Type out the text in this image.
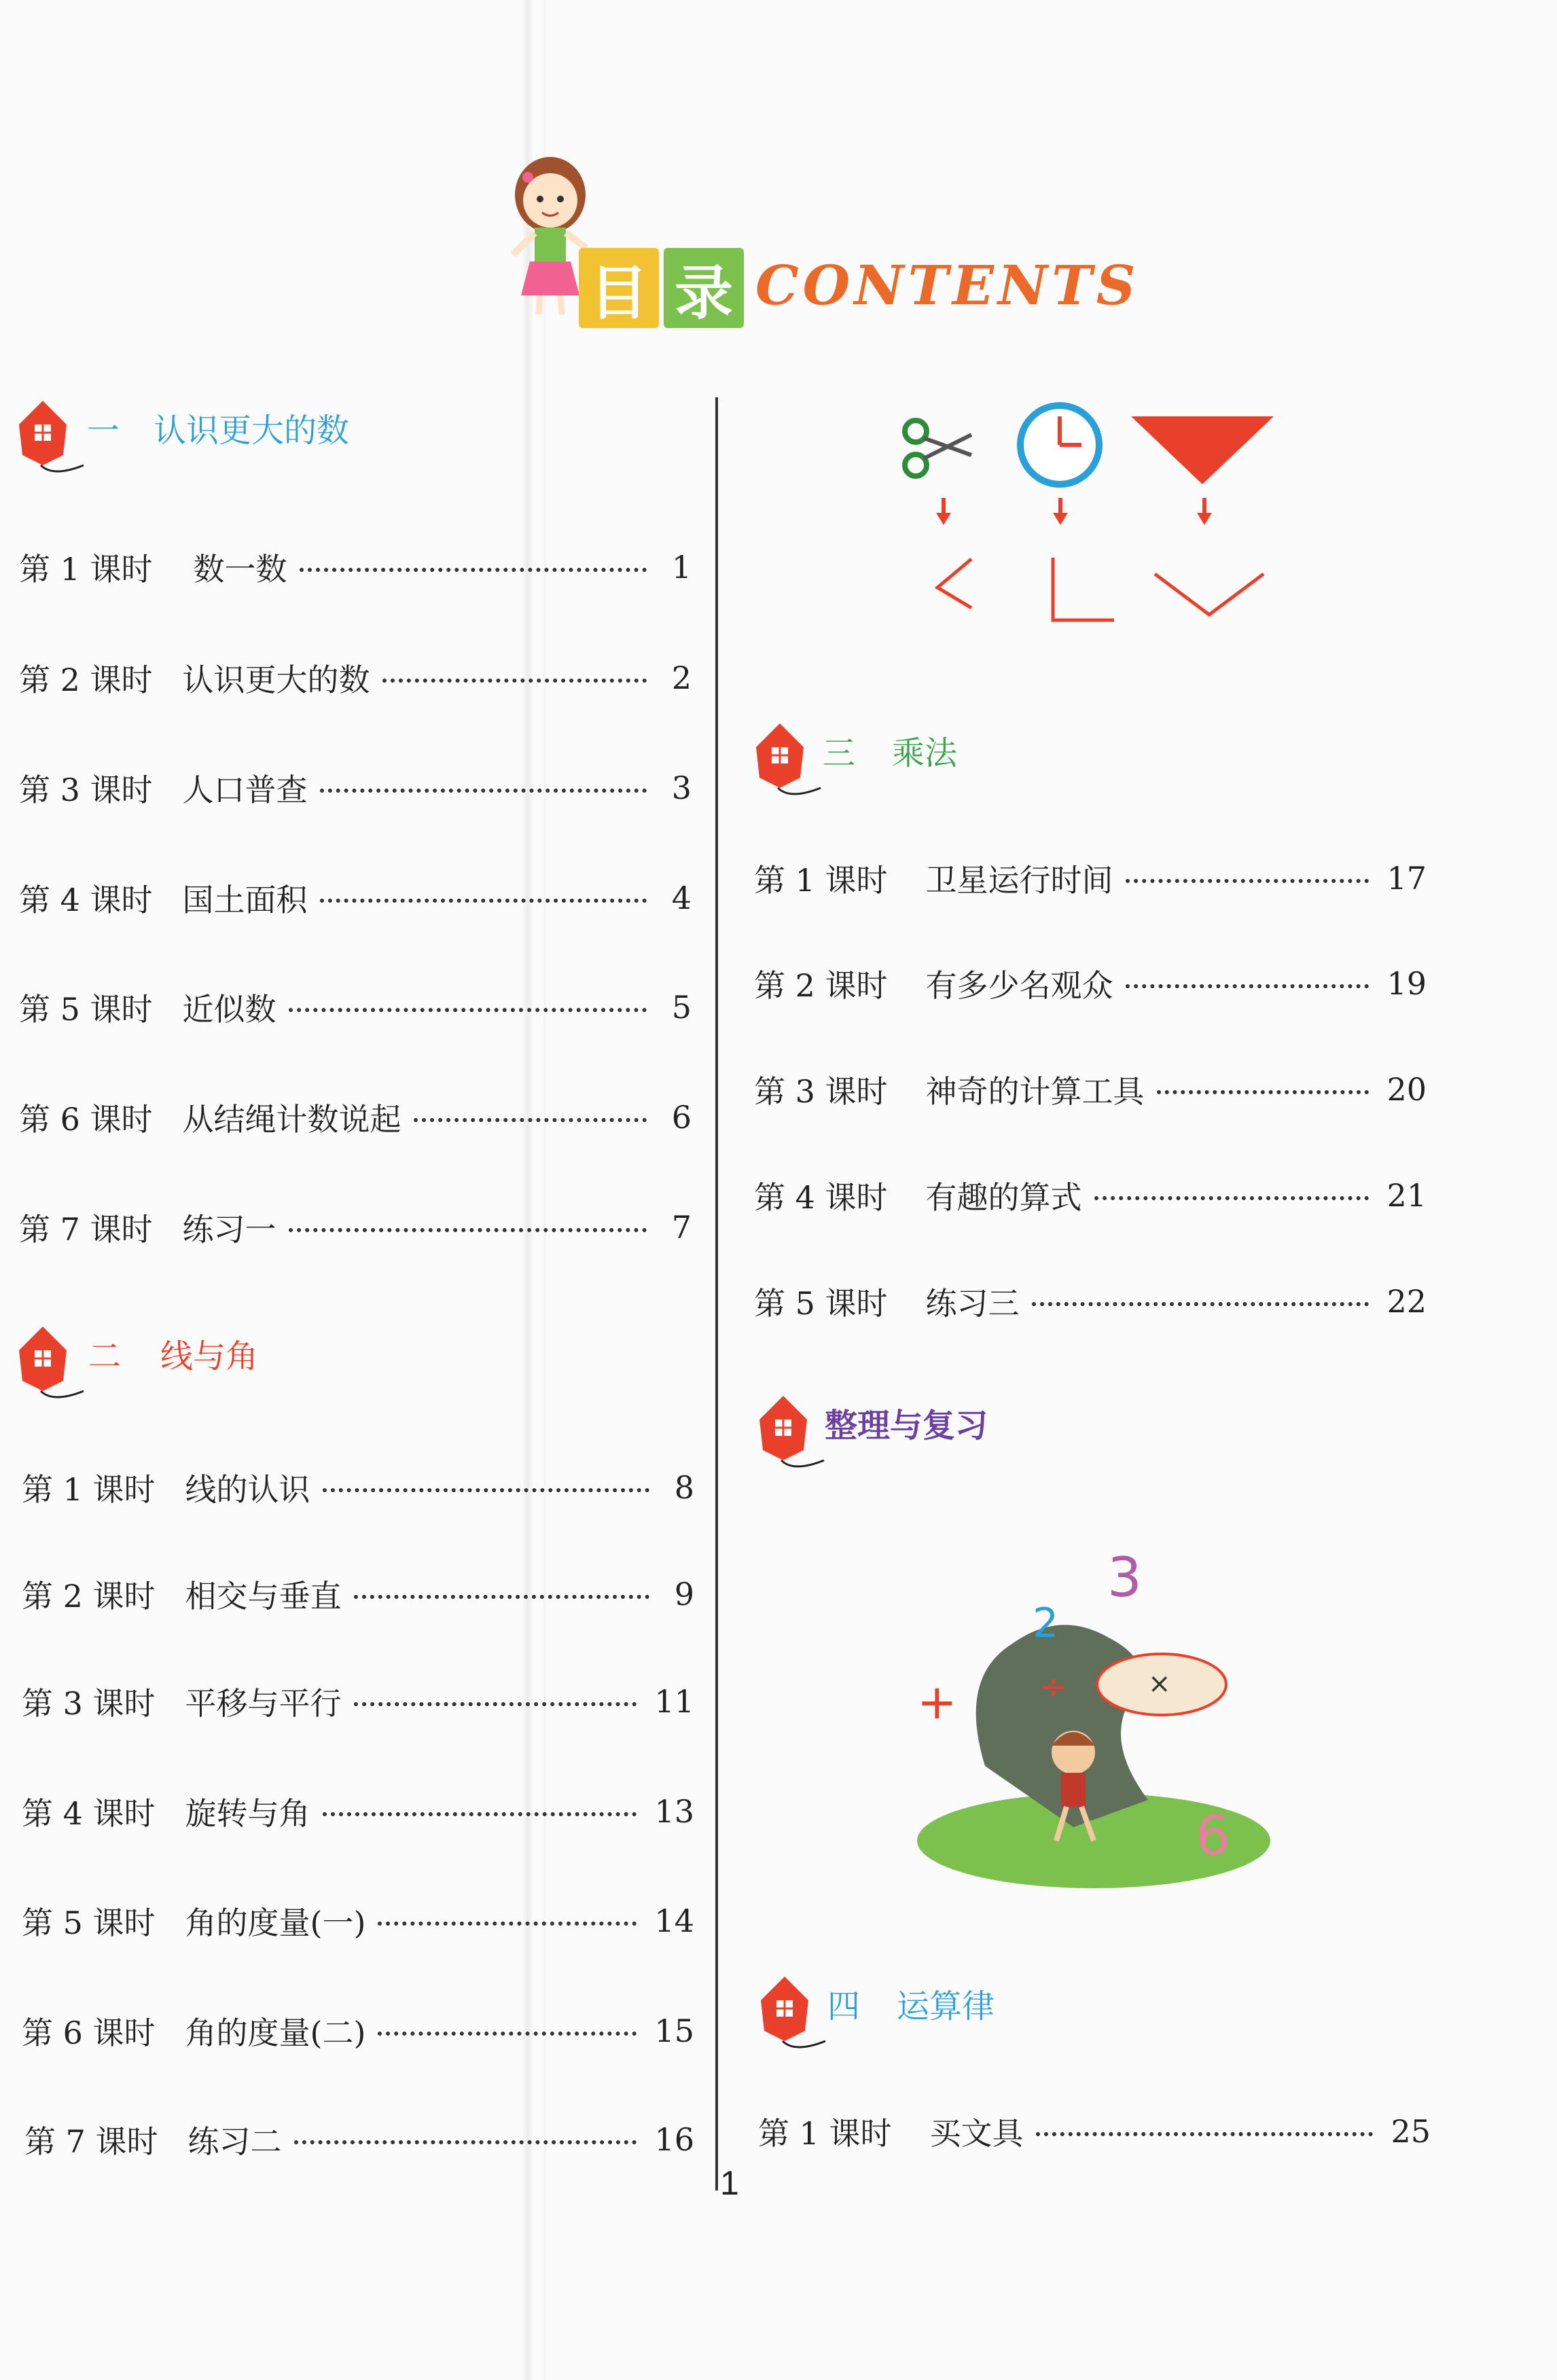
目 录 CONTENTS
一 认识更大的数
第 1 课时 数一数	1
第 2 课时 认识更大的数	2
第 3 课时 人口普查	3
第 4 课时 国土面积	4
第 5 课时 近似数	5
第 6 课时 从结绳计数说起	6
第 7 课时 练习一	7
二 线与角
第 1 课时 线的认识	8
第 2 课时 相交与垂直	9
第 3 课时 平移与平行	11
第 4 课时 旋转与角	13
第 5 课时 角的度量(一)	14
第 6 课时 角的度量(二)	15
第 7 课时 练习二	16
三 乘法
第 1 课时 卫星运行时间	17
第 2 课时 有多少名观众	19
第 3 课时 神奇的计算工具	20
第 4 课时 有趣的算式	21
第 5 课时 练习三	22
整理与复习
×
3
2
6
+ ÷
四 运算律
第 1 课时 买文具	25
1
